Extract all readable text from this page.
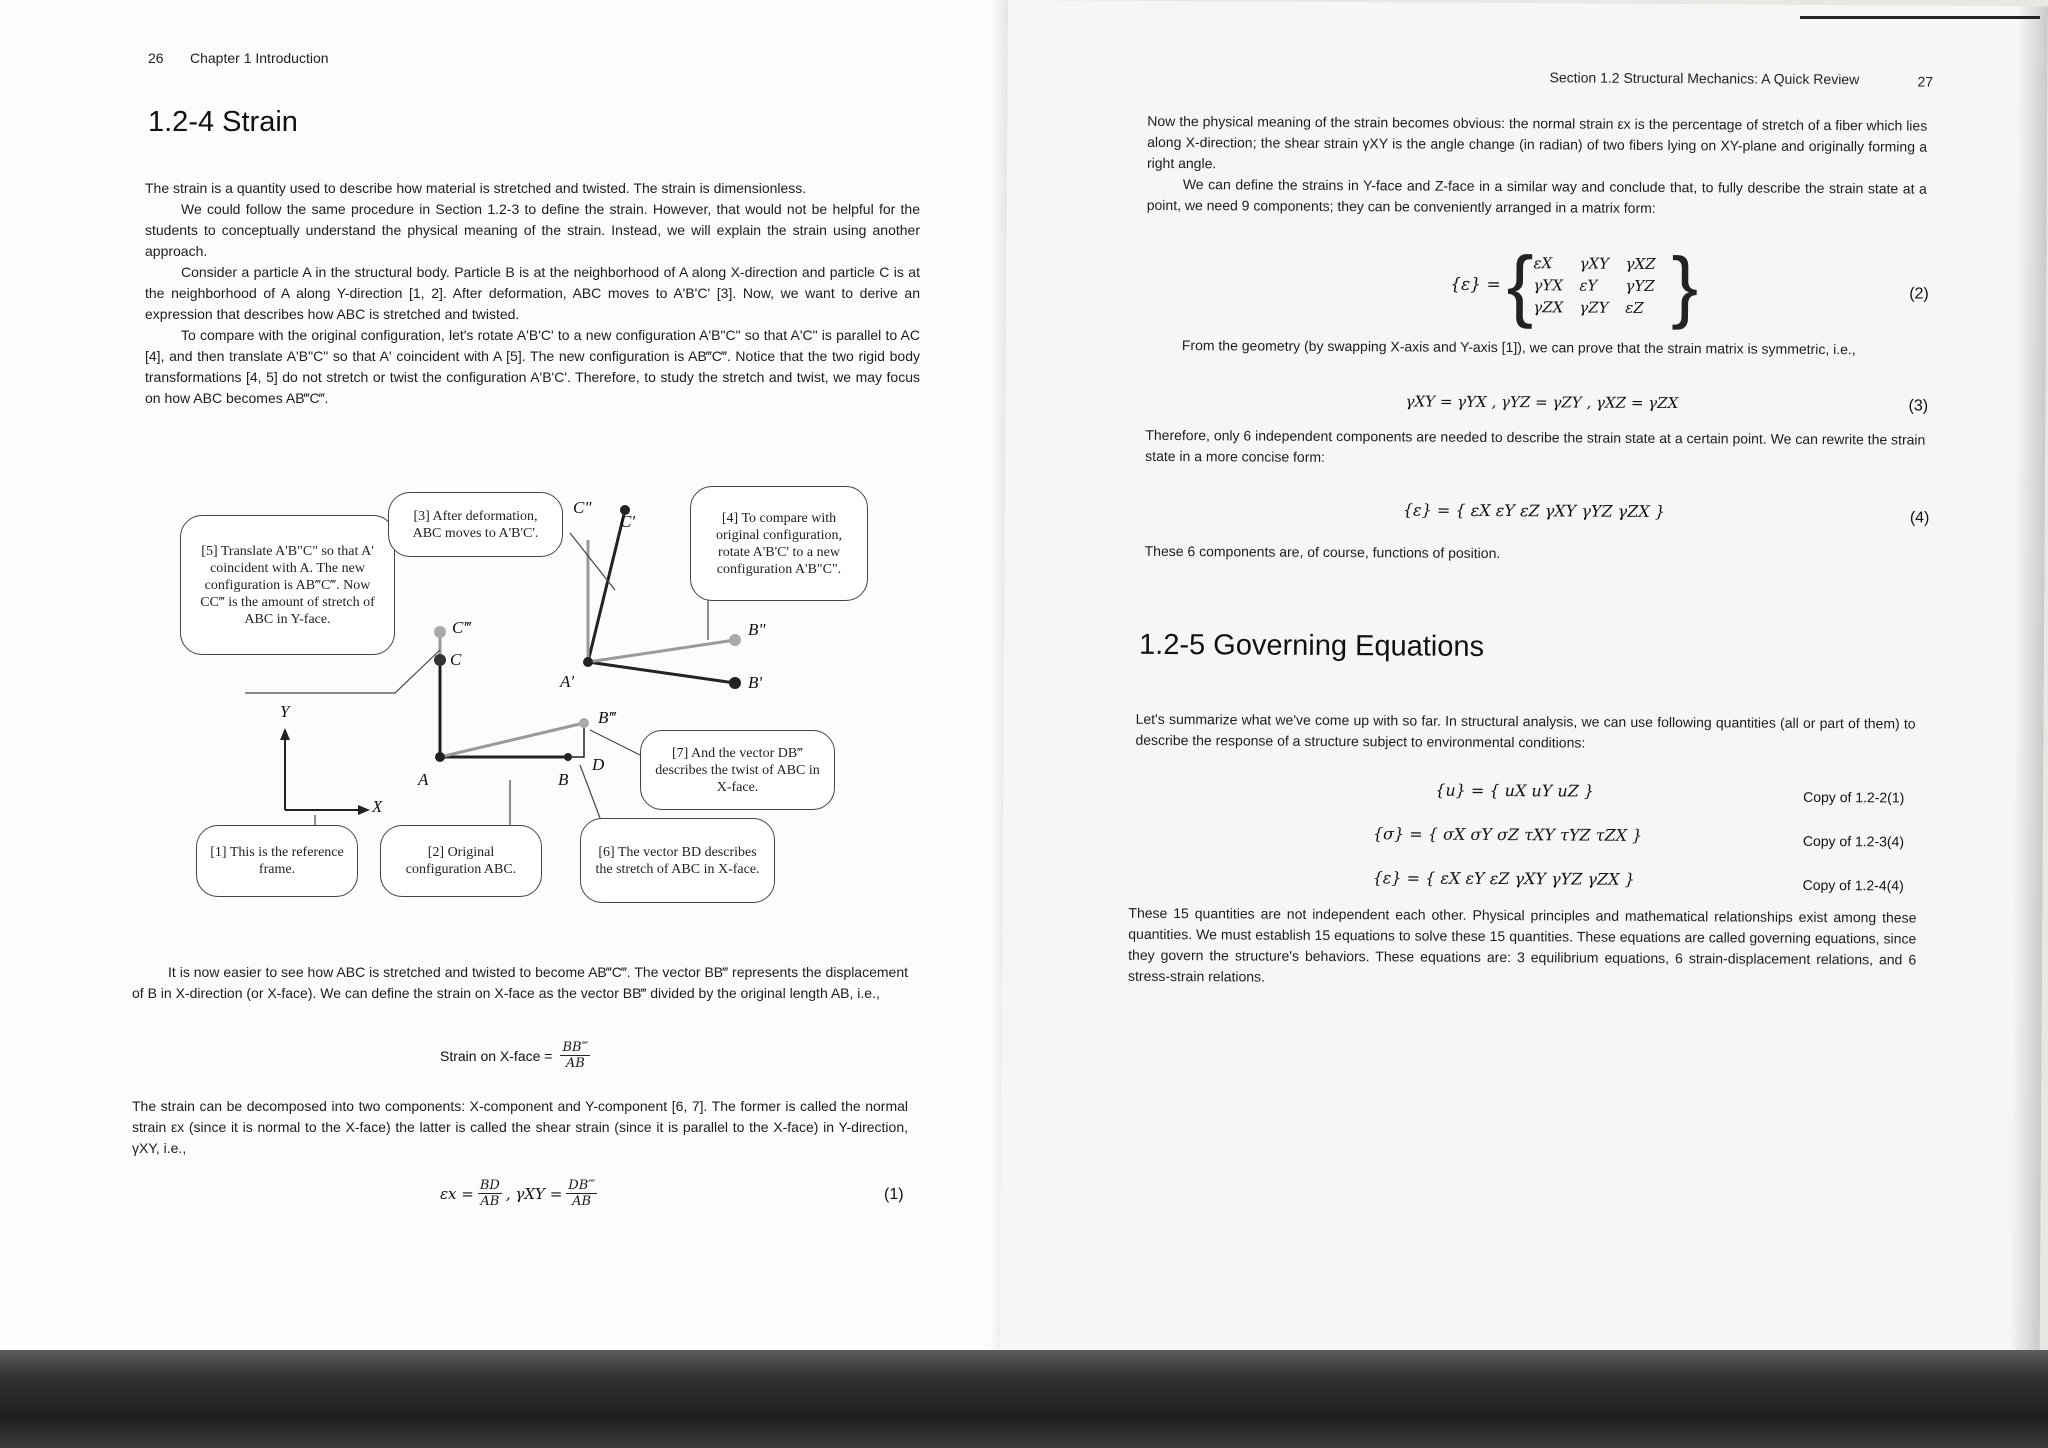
26 Chapter 1 Introduction
1.2-4 Strain

The strain is a quantity used to describe how material is stretched and twisted. The strain is dimensionless.

We could follow the same procedure in Section 1.2-3 to define the strain. However, that would not be helpful for the students to conceptually understand the physical meaning of the strain. Instead, we will explain the strain using another approach.

Consider a particle A in the structural body. Particle B is at the neighborhood of A along X-direction and particle C is at the neighborhood of A along Y-direction [1, 2]. After deformation, ABC moves to A'B'C' [3]. Now, we want to derive an expression that describes how ABC is stretched and twisted.

To compare with the original configuration, let's rotate A'B'C' to a new configuration A'B"C" so that A'C" is parallel to AC [4], and then translate A'B"C" so that A' coincident with A [5]. The new configuration is AB‴C‴. Notice that the two rigid body transformations [4, 5] do not stretch or twist the configuration A'B'C'. Therefore, to study the stretch and twist, we may focus on how ABC becomes AB‴C‴.

[5] Translate A'B"C" so that A' coincident with A. The new configuration is AB‴C‴. Now CC‴ is the amount of stretch of ABC in Y-face.
[3] After deformation, ABC moves to A'B'C'.
[4] To compare with original configuration, rotate A'B'C' to a new configuration A'B"C".
[7] And the vector DB‴ describes the twist of ABC in X-face.
[1] This is the reference frame.
[2] Original configuration ABC.
[6] The vector BD describes the stretch of ABC in X-face.
A	B
C
D
A'	B'
C'
B"
C"
B‴
C‴
X
Y

It is now easier to see how ABC is stretched and twisted to become AB‴C‴. The vector BB‴ represents the displacement of B in X-direction (or X-face). We can define the strain on X-face as the vector BB‴ divided by the original length AB, i.e.,

Strain on X-face = $\frac{BB‴}{AB}$

The strain can be decomposed into two components: X-component and Y-component [6, 7]. The former is called the normal strain εx (since it is normal to the X-face) the latter is called the shear strain (since it is parallel to the X-face) in Y-direction, γXY, i.e.,

$\varepsilon x = \frac{BD}{AB}$ , $\gamma XY = \frac{DB‴}{AB}$	(1)
Section 1.2 Structural Mechanics: A Quick Review	27

Now the physical meaning of the strain becomes obvious: the normal strain εx is the percentage of stretch of a fiber which lies along X-direction; the shear strain γXY is the angle change (in radian) of two fibers lying on XY-plane and originally forming a right angle.

We can define the strains in Y-face and Z-face in a similar way and conclude that, to fully describe the strain state at a point, we need 9 components; they can be conveniently arranged in a matrix form:

{ε} = { εX	γXY	γXZ
γYX	εY	γYZ
γZX	γZY	εZ }	(2)
From the geometry (by swapping X-axis and Y-axis [1]), we can prove that the strain matrix is symmetric, i.e.,
γXY = γYX , γYZ = γZY , γXZ = γZX	(3)
Therefore, only 6 independent components are needed to describe the strain state at a certain point. We can rewrite the strain state in a more concise form:
{ε} = { εX εY εZ γXY γYZ γZX }	(4)
These 6 components are, of course, functions of position.
1.2-5 Governing Equations
Let's summarize what we've come up with so far. In structural analysis, we can use following quantities (all or part of them) to describe the response of a structure subject to environmental conditions:
{u} = { uX uY uZ }	Copy of 1.2-2(1)
{σ} = { σX σY σZ τXY τYZ τZX }	Copy of 1.2-3(4)
{ε} = { εX εY εZ γXY γYZ γZX }	Copy of 1.2-4(4)
These 15 quantities are not independent each other. Physical principles and mathematical relationships exist among these quantities. We must establish 15 equations to solve these 15 quantities. These equations are called governing equations, since they govern the structure's behaviors. These equations are: 3 equilibrium equations, 6 strain-displacement relations, and 6 stress-strain relations.
